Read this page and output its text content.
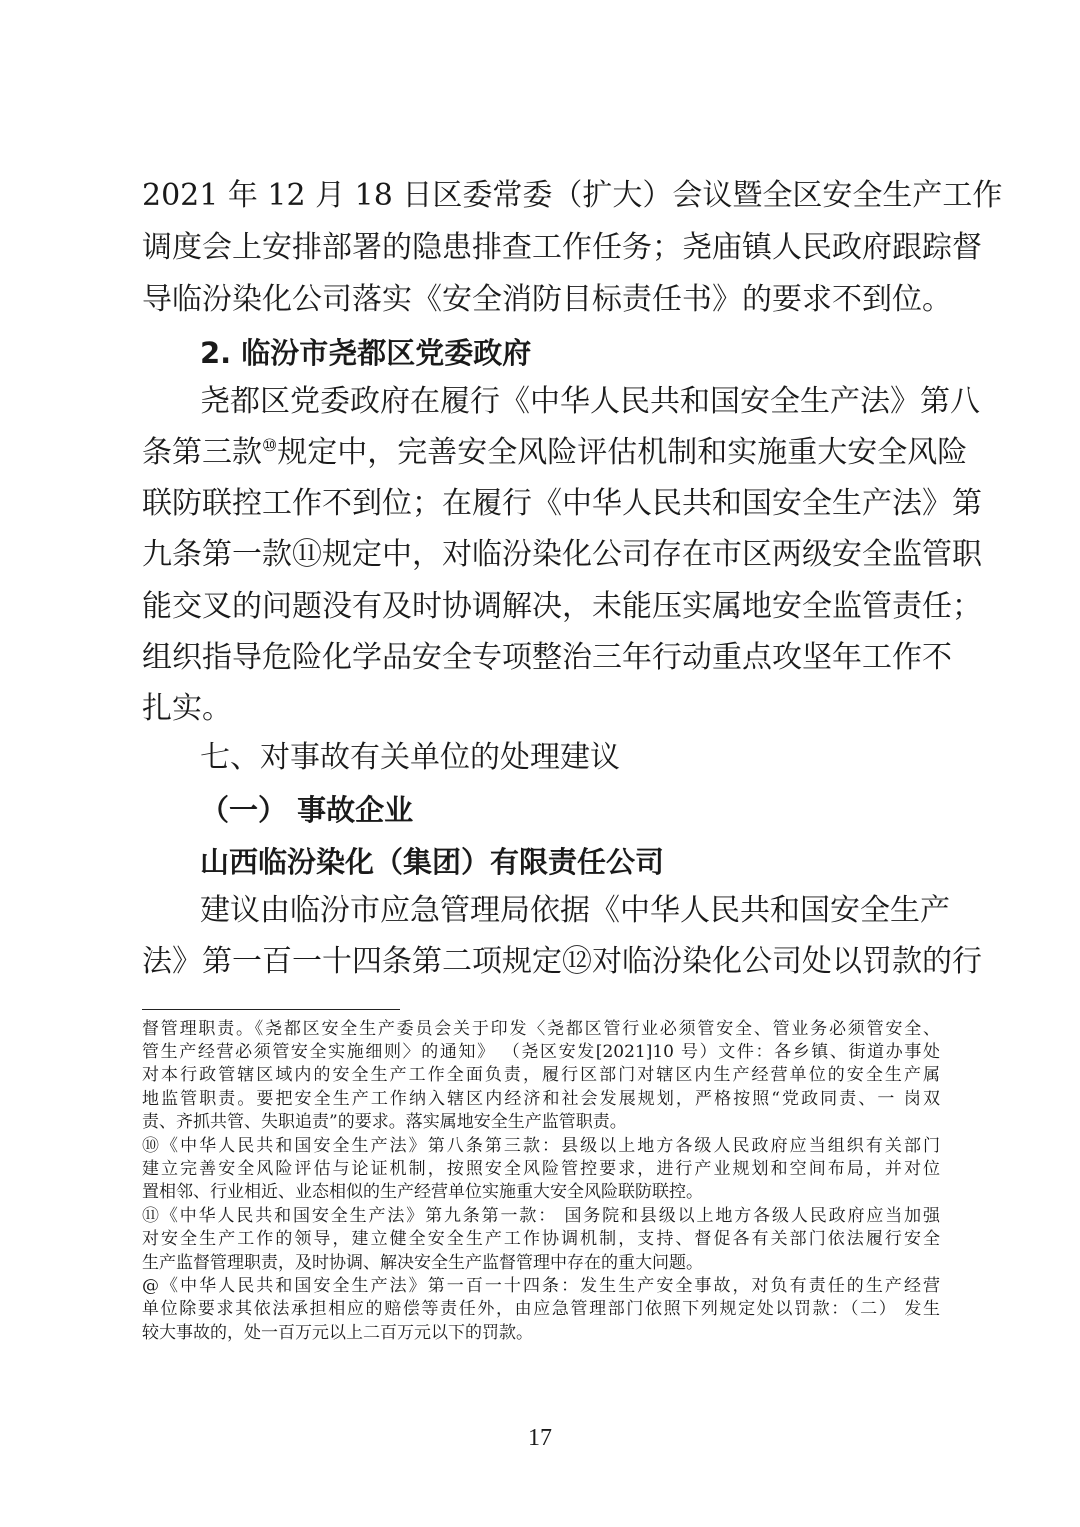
2021 年 12 月 18 日区委常委（扩大）会议暨全区安全生产工作
调度会上安排部署的隐患排查工作任务；尧庙镇人民政府跟踪督
导临汾染化公司落实《安全消防目标责任书》的要求不到位。
2. 临汾市尧都区党委政府
尧都区党委政府在履行《中华人民共和国安全生产法》第八
条第三款⑩规定中，完善安全风险评估机制和实施重大安全风险
联防联控工作不到位；在履行《中华人民共和国安全生产法》第
九条第一款⑪规定中，对临汾染化公司存在市区两级安全监管职
能交叉的问题没有及时协调解决，未能压实属地安全监管责任；
组织指导危险化学品安全专项整治三年行动重点攻坚年工作不
扎实。
七、对事故有关单位的处理建议
（一） 事故企业
山西临汾染化（集团）有限责任公司
建议由临汾市应急管理局依据《中华人民共和国安全生产
法》第一百一十四条第二项规定⑫对临汾染化公司处以罚款的行
督管理职责。《尧都区安全生产委员会关于印发〈尧都区管行业必须管安全、管业务必须管安全、
管生产经营必须管安全实施细则〉的通知》 （尧区安发[2021]10 号）文件：各乡镇、街道办事处
对本行政管辖区域内的安全生产工作全面负责，履行区部门对辖区内生产经营单位的安全生产属
地监管职责。要把安全生产工作纳入辖区内经济和社会发展规划，严格按照“党政同责、一 岗双
责、齐抓共管、失职追责”的要求。落实属地安全生产监管职责。
⑩《中华人民共和国安全生产法》第八条第三款：县级以上地方各级人民政府应当组织有关部门
建立完善安全风险评估与论证机制，按照安全风险管控要求，进行产业规划和空间布局，并对位
置相邻、行业相近、业态相似的生产经营单位实施重大安全风险联防联控。
⑪《中华人民共和国安全生产法》第九条第一款： 国务院和县级以上地方各级人民政府应当加强
对安全生产工作的领导，建立健全安全生产工作协调机制，支持、督促各有关部门依法履行安全
生产监督管理职责，及时协调、解决安全生产监督管理中存在的重大问题。
@《中华人民共和国安全生产法》第一百一十四条：发生生产安全事故，对负有责任的生产经营
单位除要求其依法承担相应的赔偿等责任外，由应急管理部门依照下列规定处以罚款：（二） 发生
较大事故的，处一百万元以上二百万元以下的罚款。
17
